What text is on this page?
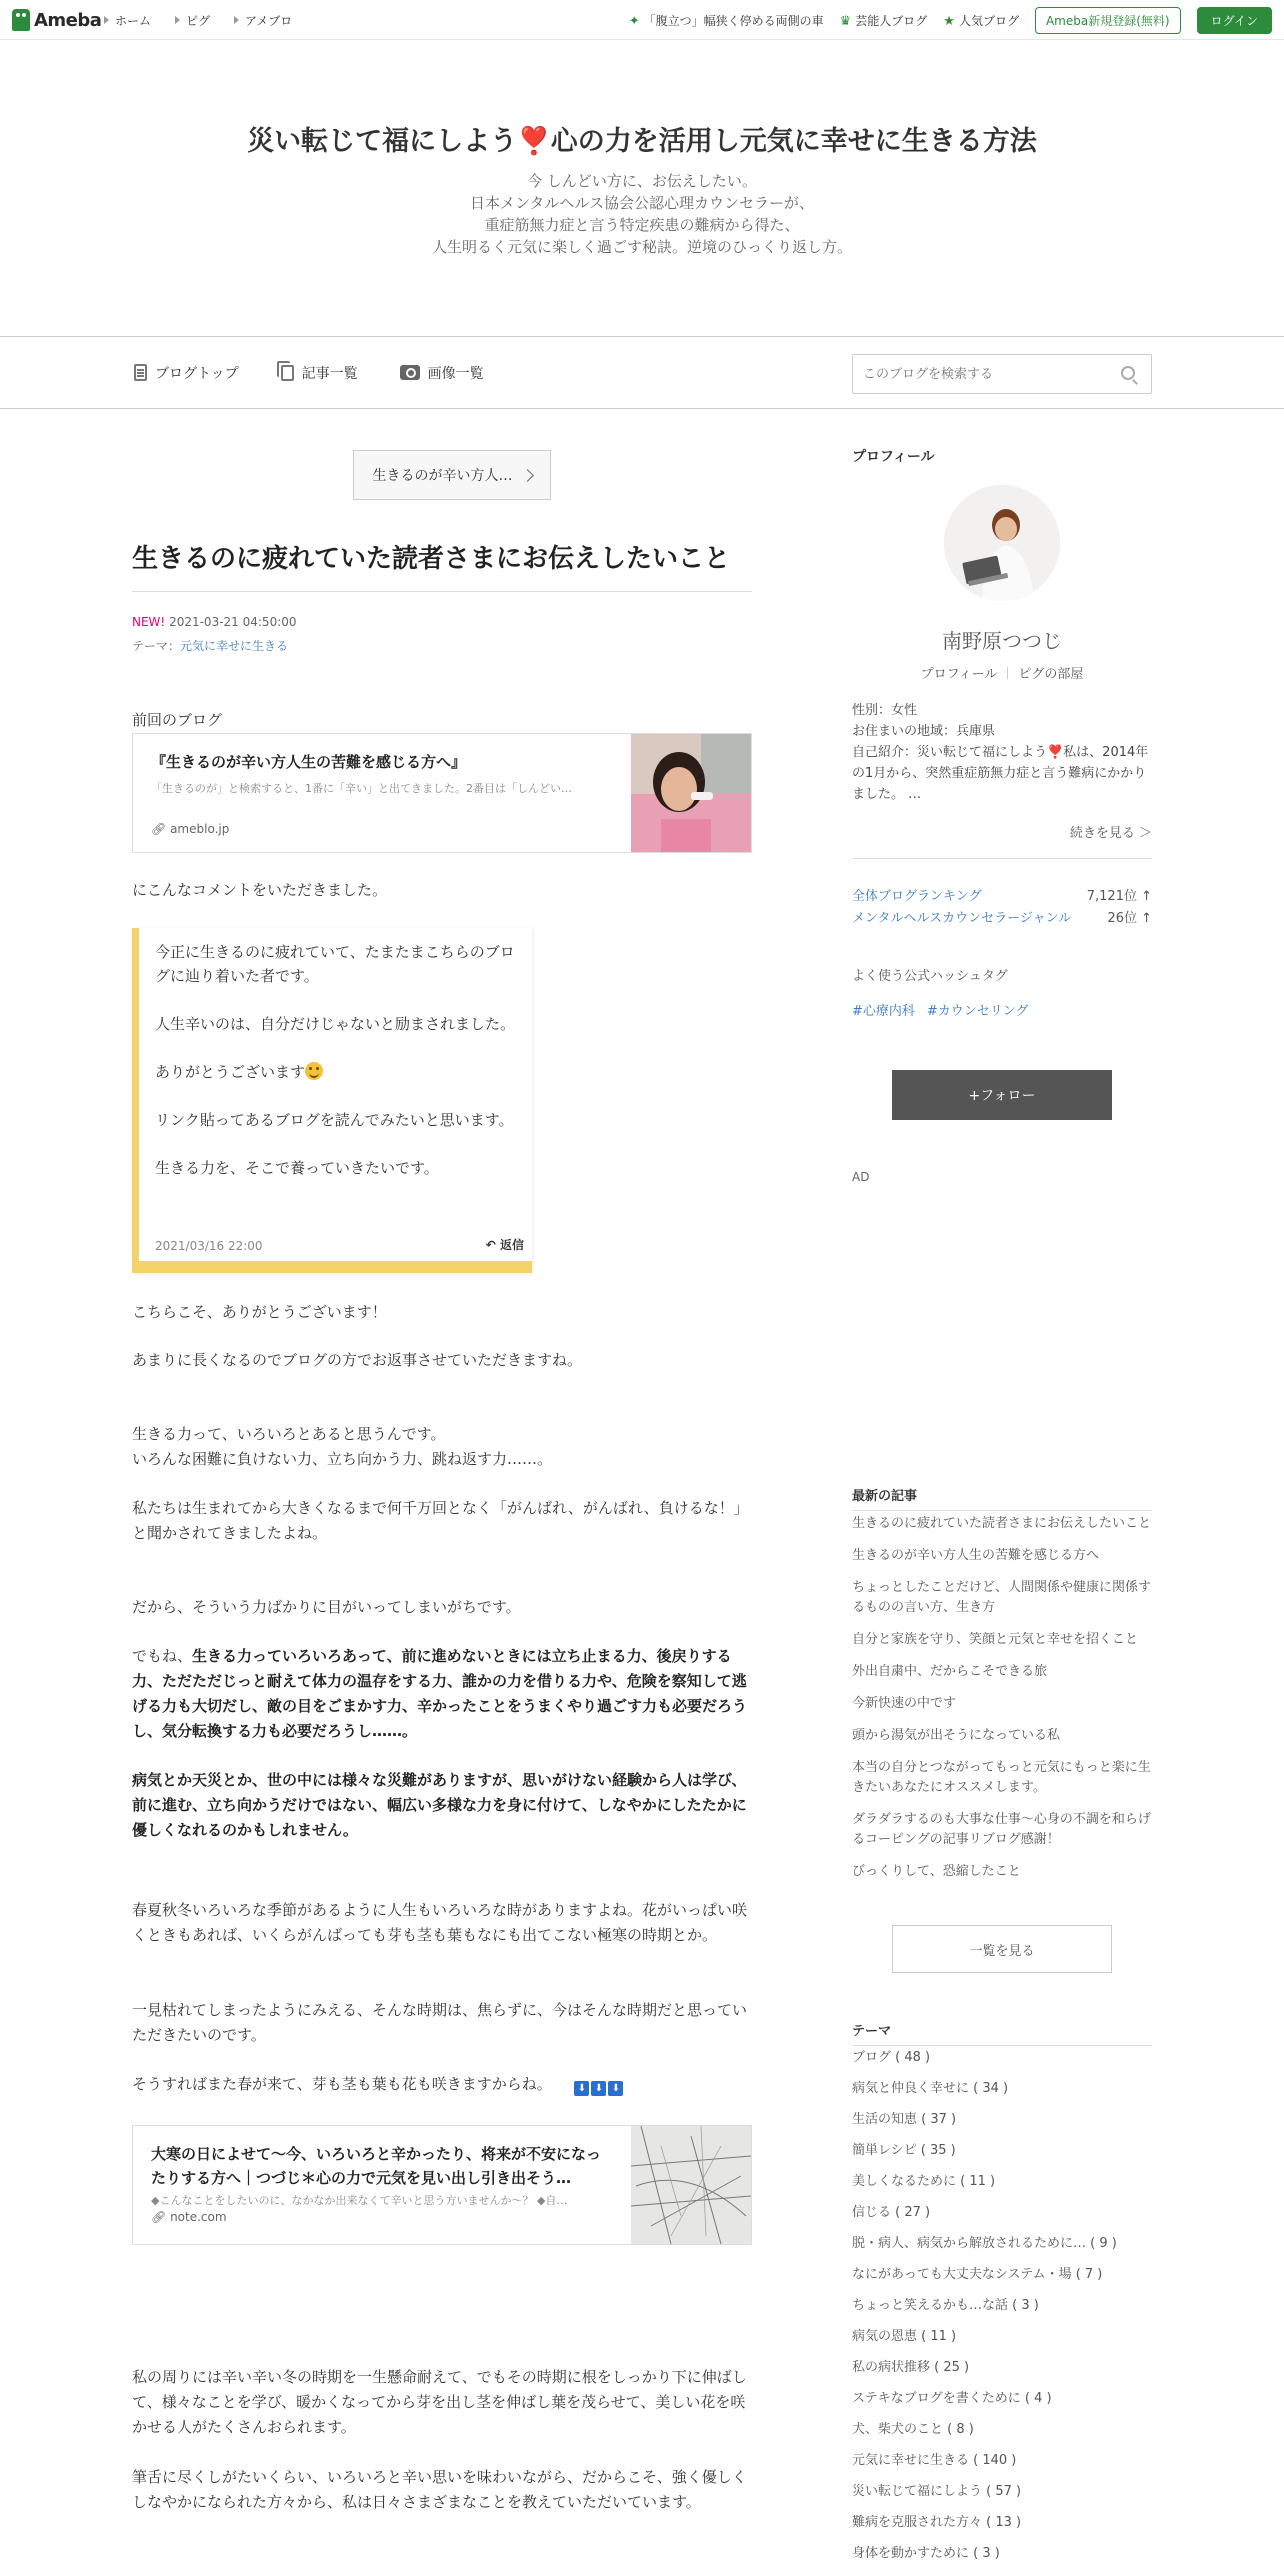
Ameba ホーム	ピグ	アメブロ	✦ 「腹立つ」幅狭く停める両側の車 ♛ 芸能人ブログ ★ 人気ブログ	Ameba新規登録(無料)	ログイン
災い転じて福にしよう❣️心の力を活用し元気に幸せに生きる方法
今 しんどい方に、お伝えしたい。
日本メンタルヘルス協会公認心理カウンセラーが、
重症筋無力症と言う特定疾患の難病から得た、
人生明るく元気に楽しく過ごす秘訣。逆境のひっくり返し方。
ブログトップ	記事一覧	画像一覧
このブログを検索する
生きるのが辛い方人…
生きるのに疲れていた読者さまにお伝えしたいこと
NEW! 2021-03-21 04:50:00
テーマ：元気に幸せに生きる
前回のブログ
『生きるのが辛い方人生の苦難を感じる方へ』
「生きるのが」と検索すると、1番に「辛い」と出てきました。2番目は「しんどい…
🔗︎ ameblo.jp
にこんなコメントをいただきました。
今正に生きるのに疲れていて、たまたまこちらのブログに辿り着いた者です。
人生辛いのは、自分だけじゃないと励まされました。
ありがとうございます
リンク貼ってあるブログを読んでみたいと思います。
生きる力を、そこで養っていきたいです。
2021/03/16 22:00	↶ 返信
こちらこそ、ありがとうございます！
あまりに長くなるのでブログの方でお返事させていただきますね。
生きる力って、いろいろとあると思うんです。
いろんな困難に負けない力、立ち向かう力、跳ね返す力……。
私たちは生まれてから大きくなるまで何千万回となく「がんばれ、がんばれ、負けるな！」
と聞かされてきましたよね。
だから、そういう力ばかりに目がいってしまいがちです。
でもね、生きる力っていろいろあって、前に進めないときには立ち止まる力、後戻りする力、ただただじっと耐えて体力の温存をする力、誰かの力を借りる力や、危険を察知して逃げる力も大切だし、敵の目をごまかす力、辛かったことをうまくやり過ごす力も必要だろうし、気分転換する力も必要だろうし……。
病気とか天災とか、世の中には様々な災難がありますが、思いがけない経験から人は学び、前に進む、立ち向かうだけではない、幅広い多様な力を身に付けて、しなやかにしたたかに優しくなれるのかもしれません。
春夏秋冬いろいろな季節があるように人生もいろいろな時がありますよね。花がいっぱい咲くときもあれば、いくらがんばっても芽も茎も葉もなにも出てこない極寒の時期とか。
一見枯れてしまったようにみえる、そんな時期は、焦らずに、今はそんな時期だと思っていただきたいのです。
そうすればまた春が来て、芽も茎も葉も花も咲きますからね。	⬇ ⬇ ⬇
大寒の日によせて〜今、いろいろと辛かったり、将来が不安になったりする方へ｜つづじ＊心の力で元気を見い出し引き出そう…
◆こんなことをしたいのに、なかなか出来なくて辛いと思う方いませんか〜？ ◆自…
🔗︎ note.com
私の周りには辛い辛い冬の時期を一生懸命耐えて、でもその時期に根をしっかり下に伸ばして、様々なことを学び、暖かくなってから芽を出し茎を伸ばし葉を茂らせて、美しい花を咲かせる人がたくさんおられます。
筆舌に尽くしがたいくらい、いろいろと辛い思いを味わいながら、だからこそ、強く優しくしなやかになられた方々から、私は日々さまざまなことを教えていただいています。
プロフィール
南野原つつじ
プロフィール ピグの部屋
性別：女性
お住まいの地域：兵庫県
自己紹介：災い転じて福にしよう❣️私は、2014年の1月から、突然重症筋無力症と言う難病にかかりました。 …
続きを見る ＞
全体ブログランキング	7,121位 ↑
メンタルヘルスカウンセラージャンル	26位 ↑
よく使う公式ハッシュタグ
#心療内科 #カウンセリング
+フォロー
AD
最新の記事
生きるのに疲れていた読者さまにお伝えしたいこと
生きるのが辛い方人生の苦難を感じる方へ
ちょっとしたことだけど、人間関係や健康に関係するものの言い方、生き方
自分と家族を守り、笑顔と元気と幸せを招くこと
外出自粛中、だからこそできる旅
今新快速の中です
頭から湯気が出そうになっている私
本当の自分とつながってもっと元気にもっと楽に生きたいあなたにオススメします。
ダラダラするのも大事な仕事〜心身の不調を和らげるコーピングの記事リブログ感謝！
びっくりして、恐縮したこと
一覧を見る
テーマ
ブログ ( 48 )
病気と仲良く幸せに ( 34 )
生活の知恵 ( 37 )
簡単レシピ ( 35 )
美しくなるために ( 11 )
信じる ( 27 )
脱・病人、病気から解放されるために… ( 9 )
なにがあっても大丈夫なシステム・場 ( 7 )
ちょっと笑えるかも…な話 ( 3 )
病気の恩恵 ( 11 )
私の病状推移 ( 25 )
ステキなブログを書くために ( 4 )
犬、柴犬のこと ( 8 )
元気に幸せに生きる ( 140 )
災い転じて福にしよう ( 57 )
難病を克服された方々 ( 13 )
身体を動かすために ( 3 )
